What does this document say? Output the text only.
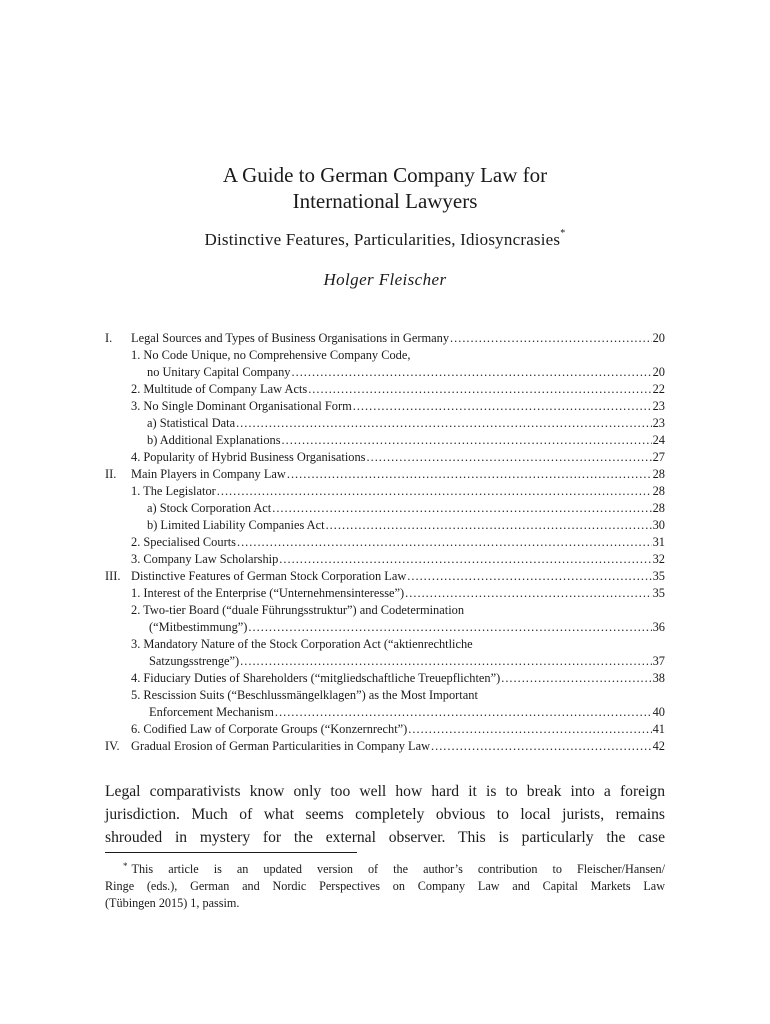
A Guide to German Company Law for
International Lawyers
Distinctive Features, Particularities, Idiosyncrasies*
Holger Fleischer
I.	Legal Sources and Types of Business Organisations in Germany .....	20
1. No Code Unique, no Comprehensive Company Code,
no Unitary Capital Company .....	20
2. Multitude of Company Law Acts .....	22
3. No Single Dominant Organisational Form .....	23
a) Statistical Data .....	23
b) Additional Explanations .....	24
4. Popularity of Hybrid Business Organisations .....	27
II.	Main Players in Company Law .....	28
1. The Legislator .....	28
a) Stock Corporation Act .....	28
b) Limited Liability Companies Act .....	30
2. Specialised Courts .....	31
3. Company Law Scholarship .....	32
III. Distinctive Features of German Stock Corporation Law .....	35
1. Interest of the Enterprise (“Unternehmensinteresse”) .....	35
2. Two-tier Board (“duale Führungsstruktur”) and Codetermination
(“Mitbestimmung”) .....	36
3. Mandatory Nature of the Stock Corporation Act (“aktienrechtliche
Satzungsstrenge”) .....	37
4. Fiduciary Duties of Shareholders (“mitgliedschaftliche Treuepflichten”) .....	38
5. Rescission Suits (“Beschlussmängelklagen”) as the Most Important
Enforcement Mechanism .....	40
6. Codified Law of Corporate Groups (“Konzernrecht”) .....	41
IV. Gradual Erosion of German Particularities in Company Law .....	42
Legal comparativists know only too well how hard it is to break into a foreign
jurisdiction. Much of what seems completely obvious to local jurists, remains
shrouded in mystery for the external observer. This is particularly the case
* This article is an updated version of the author’s contribution to Fleischer/Hansen/
Ringe (eds.), German and Nordic Perspectives on Company Law and Capital Markets Law
(Tübingen 2015) 1, passim.
